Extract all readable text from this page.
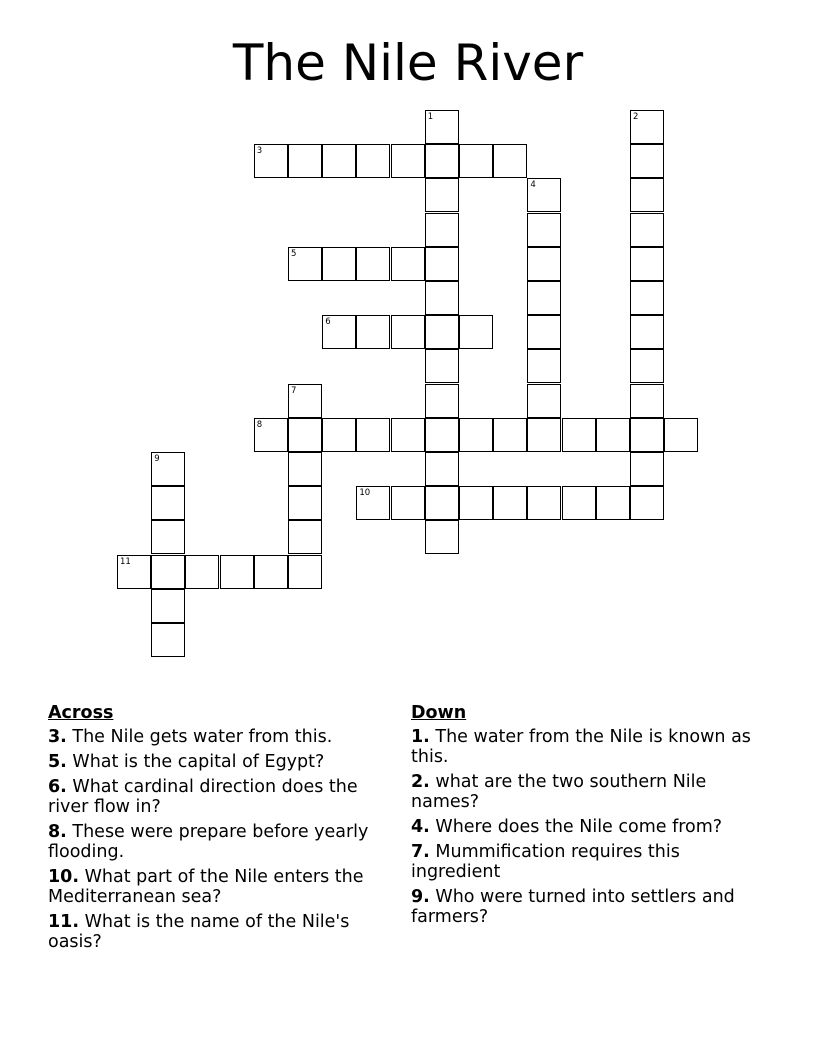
The Nile River
1	2
3
4
5
6
7
8
9
10
11
Across
3. The Nile gets water from this.
5. What is the capital of Egypt?
6. What cardinal direction does the river flow in?
8. These were prepare before yearly flooding.
10. What part of the Nile enters the Mediterranean sea?
11. What is the name of the Nile's oasis?
Down
1. The water from the Nile is known as this.
2. what are the two southern Nile names?
4. Where does the Nile come from?
7. Mummification requires this ingredient
9. Who were turned into settlers and farmers?
